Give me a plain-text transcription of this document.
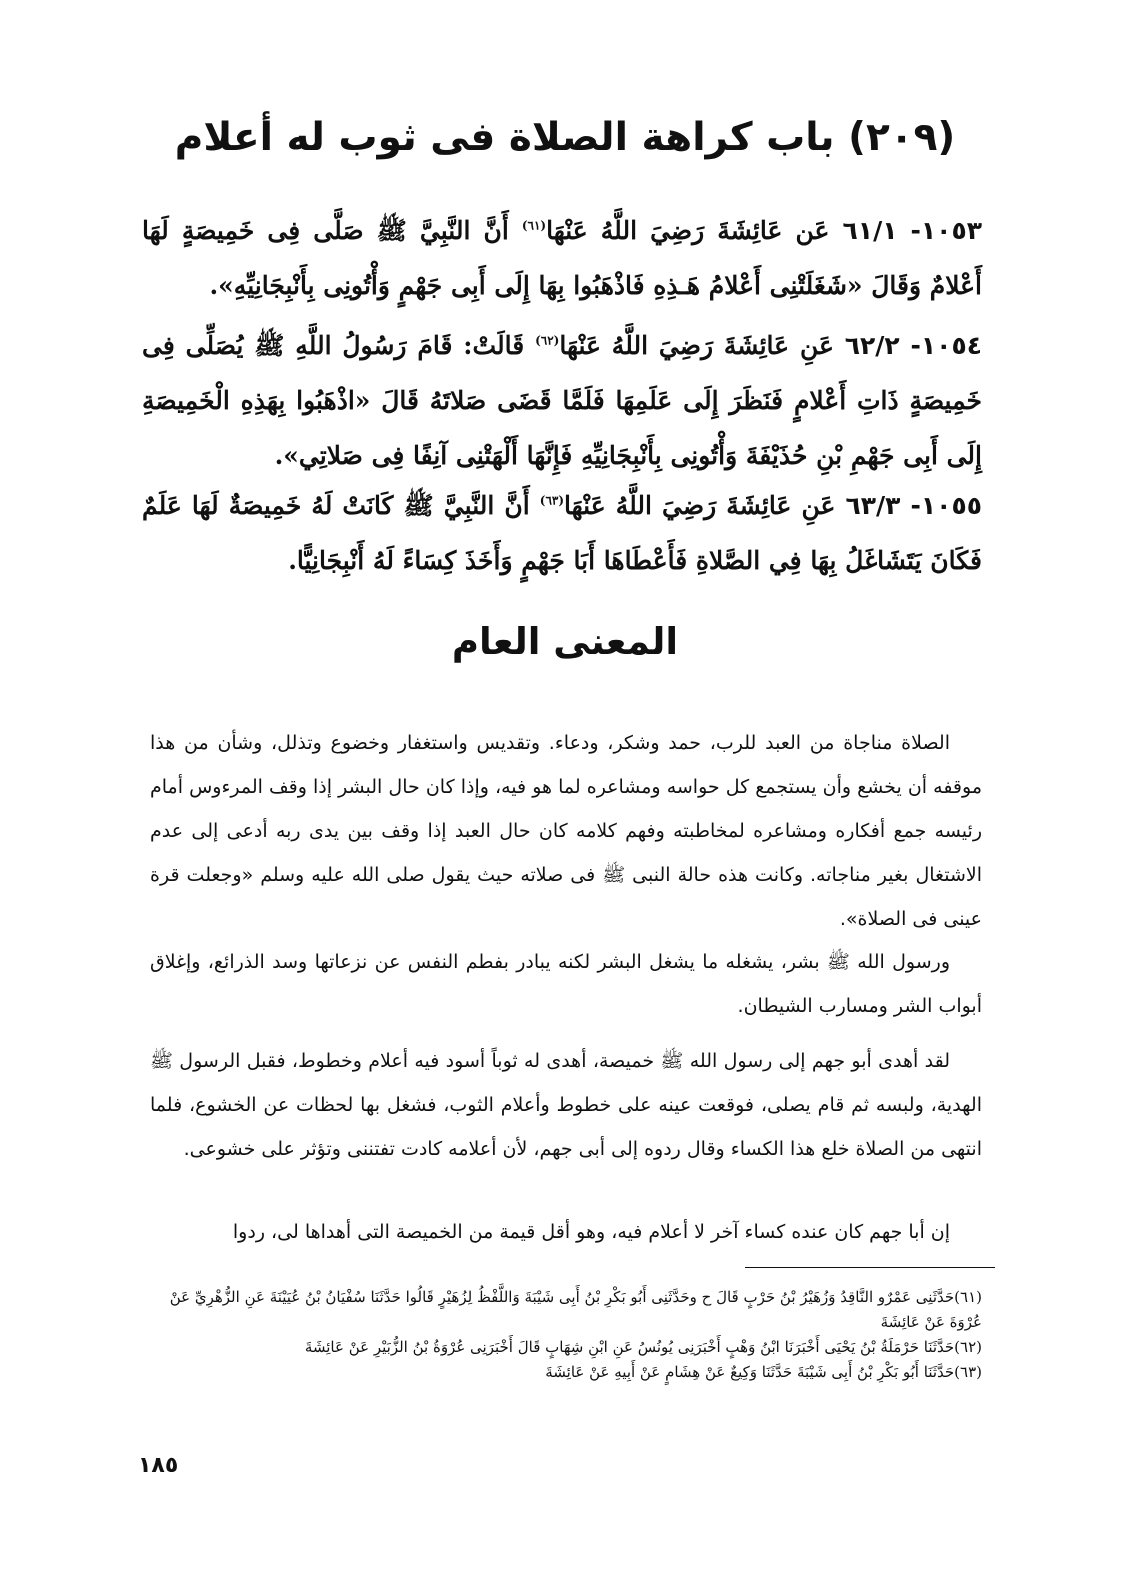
(٢٠٩) باب كراهة الصلاة فى ثوب له أعلام
١٠٥٣- ٦١/١ عَن عَائِشَةَ رَضِيَ اللَّهُ عَنْهَا$^{(٦١)}$ أَنَّ النَّبِيَّ ﷺ صَلَّى فِى خَمِيصَةٍ لَهَا أَعْلامٌ وَقَالَ «شَغَلَتْنِى أَعْلامُ هَـذِهِ فَاذْهَبُوا بِهَا إِلَى أَبِى جَهْمٍ وَأْتُونِى بِأَنْبِجَانِيِّهِ».
١٠٥٤- ٦٢/٢ عَنِ عَائِشَةَ رَضِيَ اللَّهُ عَنْهَا$^{(٦٢)}$ قَالَتْ: قَامَ رَسُولُ اللَّهِ ﷺ يُصَلِّى فِى خَمِيصَةٍ ذَاتِ أَعْلامٍ فَنَظَرَ إِلَى عَلَمِهَا فَلَمَّا قَضَى صَلاتَهُ قَالَ «اذْهَبُوا بِهَذِهِ الْخَمِيصَةِ إِلَى أَبِى جَهْمِ بْنِ حُذَيْفَةَ وَأْتُونِى بِأَنْبِجَانِيِّهِ فَإِنَّهَا أَلْهَتْنِى آنِفًا فِى صَلاتِي».
١٠٥٥- ٦٣/٣ عَنِ عَائِشَةَ رَضِيَ اللَّهُ عَنْهَا$^{(٦٣)}$ أَنَّ النَّبِيَّ ﷺ كَانَتْ لَهُ خَمِيصَةٌ لَهَا عَلَمٌ فَكَانَ يَتَشَاغَلُ بِهَا فِي الصَّلاةِ فَأَعْطَاهَا أَبَا جَهْمٍ وَأَخَذَ كِسَاءً لَهُ أَنْبِجَانِيًّا.
المعنى العام

الصلاة مناجاة من العبد للرب، حمد وشكر، ودعاء. وتقديس واستغفار وخضوع وتذلل، وشأن من هذا موقفه أن يخشع وأن يستجمع كل حواسه ومشاعره لما هو فيه، وإذا كان حال البشر إذا وقف المرءوس أمام رئيسه جمع أفكاره ومشاعره لمخاطبته وفهم كلامه كان حال العبد إذا وقف بين يدى ربه أدعى إلى عدم الاشتغال بغير مناجاته. وكانت هذه حالة النبى ﷺ فى صلاته حيث يقول صلى الله عليه وسلم «وجعلت قرة عينى فى الصلاة».

ورسول الله ﷺ بشر، يشغله ما يشغل البشر لكنه يبادر بفطم النفس عن نزعاتها وسد الذرائع، وإغلاق أبواب الشر ومسارب الشيطان.

لقد أهدى أبو جهم إلى رسول الله ﷺ خميصة، أهدى له ثوباً أسود فيه أعلام وخطوط، فقبل الرسول ﷺ الهدية، ولبسه ثم قام يصلى، فوقعت عينه على خطوط وأعلام الثوب، فشغل بها لحظات عن الخشوع، فلما انتهى من الصلاة خلع هذا الكساء وقال ردوه إلى أبى جهم، لأن أعلامه كادت تفتننى وتؤثر على خشوعى.

إن أبا جهم كان عنده كساء آخر لا أعلام فيه، وهو أقل قيمة من الخميصة التى أهداها لى، ردوا

(٦١)حَدَّثَنِى عَمْرٌو النَّاقِدُ وَزُهَيْرُ بْنُ حَرْبٍ قَالَ ح وحَدَّثَنِى أَبُو بَكْرِ بْنُ أَبِى شَيْبَةَ وَاللَّفْظُ لِزُهَيْرٍ قَالُوا حَدَّثَنَا سُفْيَانُ بْنُ عُيَيْنَةَ عَنِ الزُّهْرِيِّ عَنْ عُرْوَةَ عَنْ عَائِشَةَ

(٦٢)حَدَّثَنَا حَرْمَلَةُ بْنُ يَحْيَى أَخْبَرَنَا ابْنُ وَهْبٍ أَخْبَرَنِى يُونُسُ عَنِ ابْنِ شِهَابٍ قَالَ أَخْبَرَنِى عُرْوَةُ بْنُ الزُّبَيْرِ عَنْ عَائِشَةَ

(٦٣)حَدَّثَنَا أَبُو بَكْرِ بْنُ أَبِى شَيْبَةَ حَدَّثَنَا وَكِيعٌ عَنْ هِشَامٍ عَنْ أَبِيهِ عَنْ عَائِشَةَ

١٨٥
